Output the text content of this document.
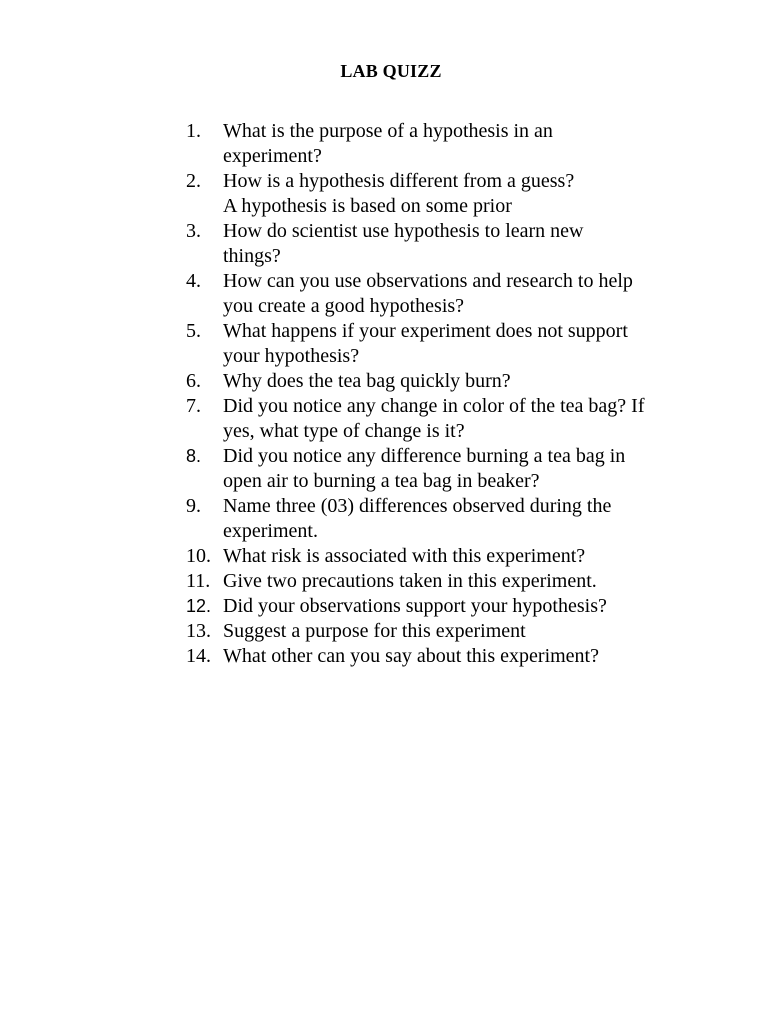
LAB QUIZZ
1.	What is the purpose of a hypothesis in an experiment?
2.	How is a hypothesis different from a guess?
A hypothesis is based on some prior
3.	How do scientist use hypothesis to learn new things?
4.	How can you use observations and research to help you create a good hypothesis?
5.	What happens if your experiment does not support your hypothesis?
6.	Why does the tea bag quickly burn?
7.	Did you notice any change in color of the tea bag? If yes, what type of change is it?
8.	Did you notice any difference burning a tea bag in open air to burning a tea bag in beaker?
9.	Name three (03) differences observed during the experiment.
10. What risk is associated with this experiment?
11. Give two precautions taken in this experiment.
12. Did your observations support your hypothesis?
13. Suggest a purpose for this experiment
14. What other can you say about this experiment?
